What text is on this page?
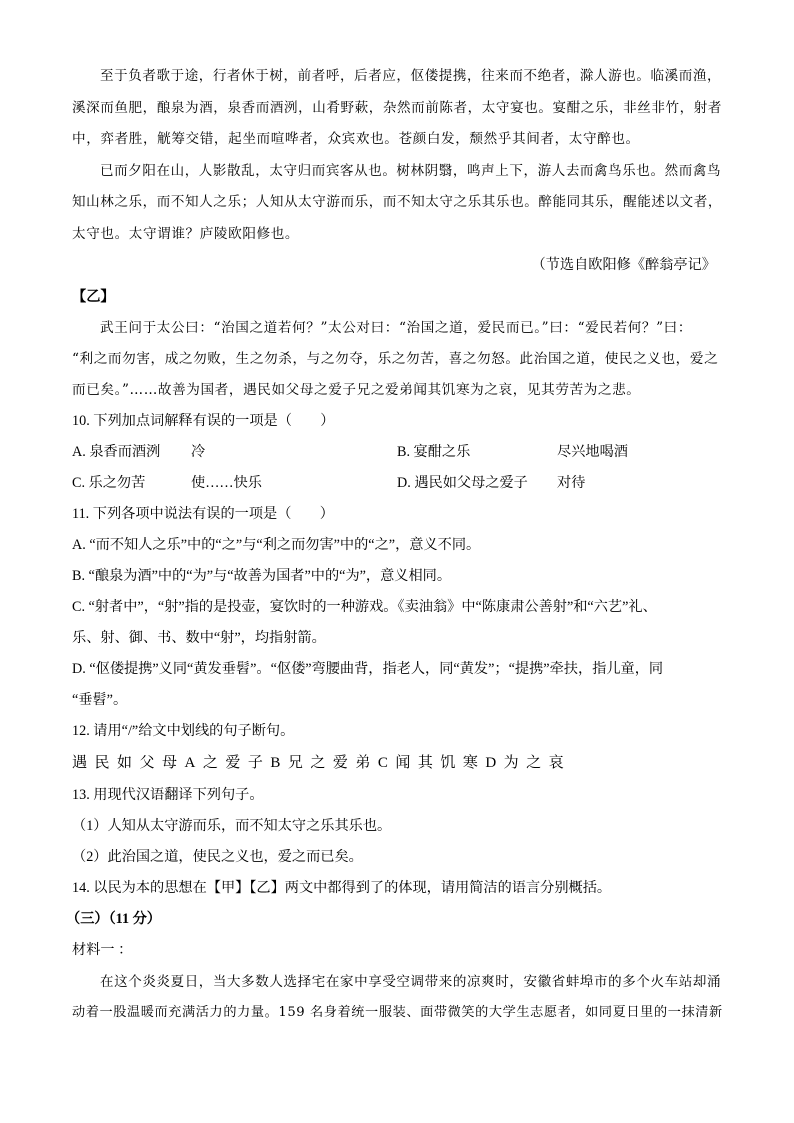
至于负者歌于途，行者休于树，前者呼，后者应，伛偻提携，往来而不绝者，滁人游也。临溪而渔，
溪深而鱼肥，酿泉为酒，泉香而酒洌，山肴野蔌，杂然而前陈者，太守宴也。宴酣之乐，非丝非竹，射者
中，弈者胜，觥筹交错，起坐而喧哗者，众宾欢也。苍颜白发，颓然乎其间者，太守醉也。
已而夕阳在山，人影散乱，太守归而宾客从也。树林阴翳，鸣声上下，游人去而禽鸟乐也。然而禽鸟
知山林之乐，而不知人之乐；人知从太守游而乐，而不知太守之乐其乐也。醉能同其乐，醒能述以文者，
太守也。太守谓谁？庐陵欧阳修也。
（节选自欧阳修《醉翁亭记》
【乙】
武王问于太公曰：“治国之道若何？”太公对曰：“治国之道，爱民而已。”曰：“爱民若何？”曰：
“利之而勿害，成之勿败，生之勿杀，与之勿夺，乐之勿苦，喜之勿怒。此治国之道，使民之义也，爱之
而已矣。”……故善为国者，遇民如父母之爱子兄之爱弟闻其饥寒为之哀，见其劳苦为之悲。
10. 下列加点词解释有误的一项是（　　）
A. 泉香而酒洌 冷	B. 宴酣之乐	尽兴地喝酒
C. 乐之勿苦	使……快乐	D. 遇民如父母之爱子 对待
11. 下列各项中说法有误的一项是（　　）
A. “而不知人之乐”中的“之”与“利之而勿害”中的“之”，意义不同。
B. “酿泉为酒”中的“为”与“故善为国者”中的“为”，意义相同。
C. “射者中”，“射”指的是投壶，宴饮时的一种游戏。《卖油翁》中“陈康肃公善射”和“六艺”礼、
乐、射、御、书、数中“射”，均指射箭。
D. “伛偻提携”义同“黄发垂髫”。“伛偻”弯腰曲背，指老人，同“黄发”；“提携”牵扶，指儿童，同
“垂髫”。
12. 请用“/”给文中划线的句子断句。
遇民如父母A之爱子B兄之爱弟C闻其饥寒D为之哀
13. 用现代汉语翻译下列句子。
（1）人知从太守游而乐，而不知太守之乐其乐也。
（2）此治国之道，使民之义也，爱之而已矣。
14. 以民为本的思想在【甲】【乙】两文中都得到了的体现，请用简洁的语言分别概括。
（三）（11 分）
材料一 ：
在这个炎炎夏日，当大多数人选择宅在家中享受空调带来的凉爽时，安徽省蚌埠市的多个火车站却涌
动着一股温暖而充满活力的力量。159 名身着统一服装、面带微笑的大学生志愿者，如同夏日里的一抹清新
